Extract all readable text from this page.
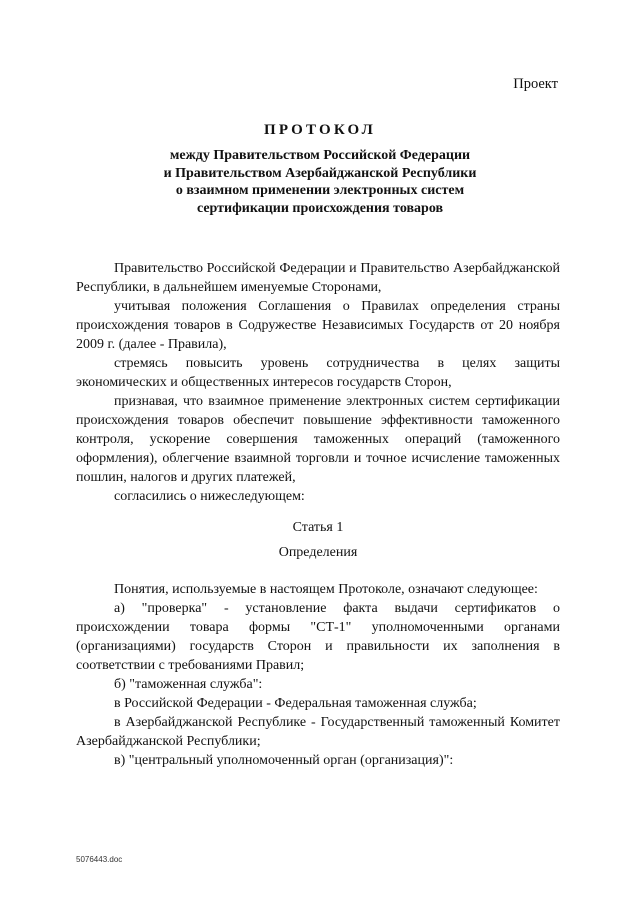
Проект
ПРОТОКОЛ
между Правительством Российской Федерации
и Правительством Азербайджанской Республики
о взаимном применении электронных систем
сертификации происхождения товаров

Правительство Российской Федерации и Правительство Азербайджанской Республики, в дальнейшем именуемые Сторонами,

учитывая положения Соглашения о Правилах определения страны происхождения товаров в Содружестве Независимых Государств от 20 ноября 2009 г. (далее - Правила),

стремясь повысить уровень сотрудничества в целях защиты экономических и общественных интересов государств Сторон,

признавая, что взаимное применение электронных систем сертификации происхождения товаров обеспечит повышение эффективности таможенного контроля, ускорение совершения таможенных операций (таможенного оформления), облегчение взаимной торговли и точное исчисление таможенных пошлин, налогов и других платежей,

согласились о нижеследующем:

Статья 1

Определения

Понятия, используемые в настоящем Протоколе, означают следующее:

а) "проверка" - установление факта выдачи сертификатов о происхождении товара формы "СТ-1" уполномоченными органами (организациями) государств Сторон и правильности их заполнения в соответствии с требованиями Правил;

б) "таможенная служба":

в Российской Федерации - Федеральная таможенная служба;

в Азербайджанской Республике - Государственный таможенный Комитет Азербайджанской Республики;

в) "центральный уполномоченный орган (организация)":

5076443.doc
